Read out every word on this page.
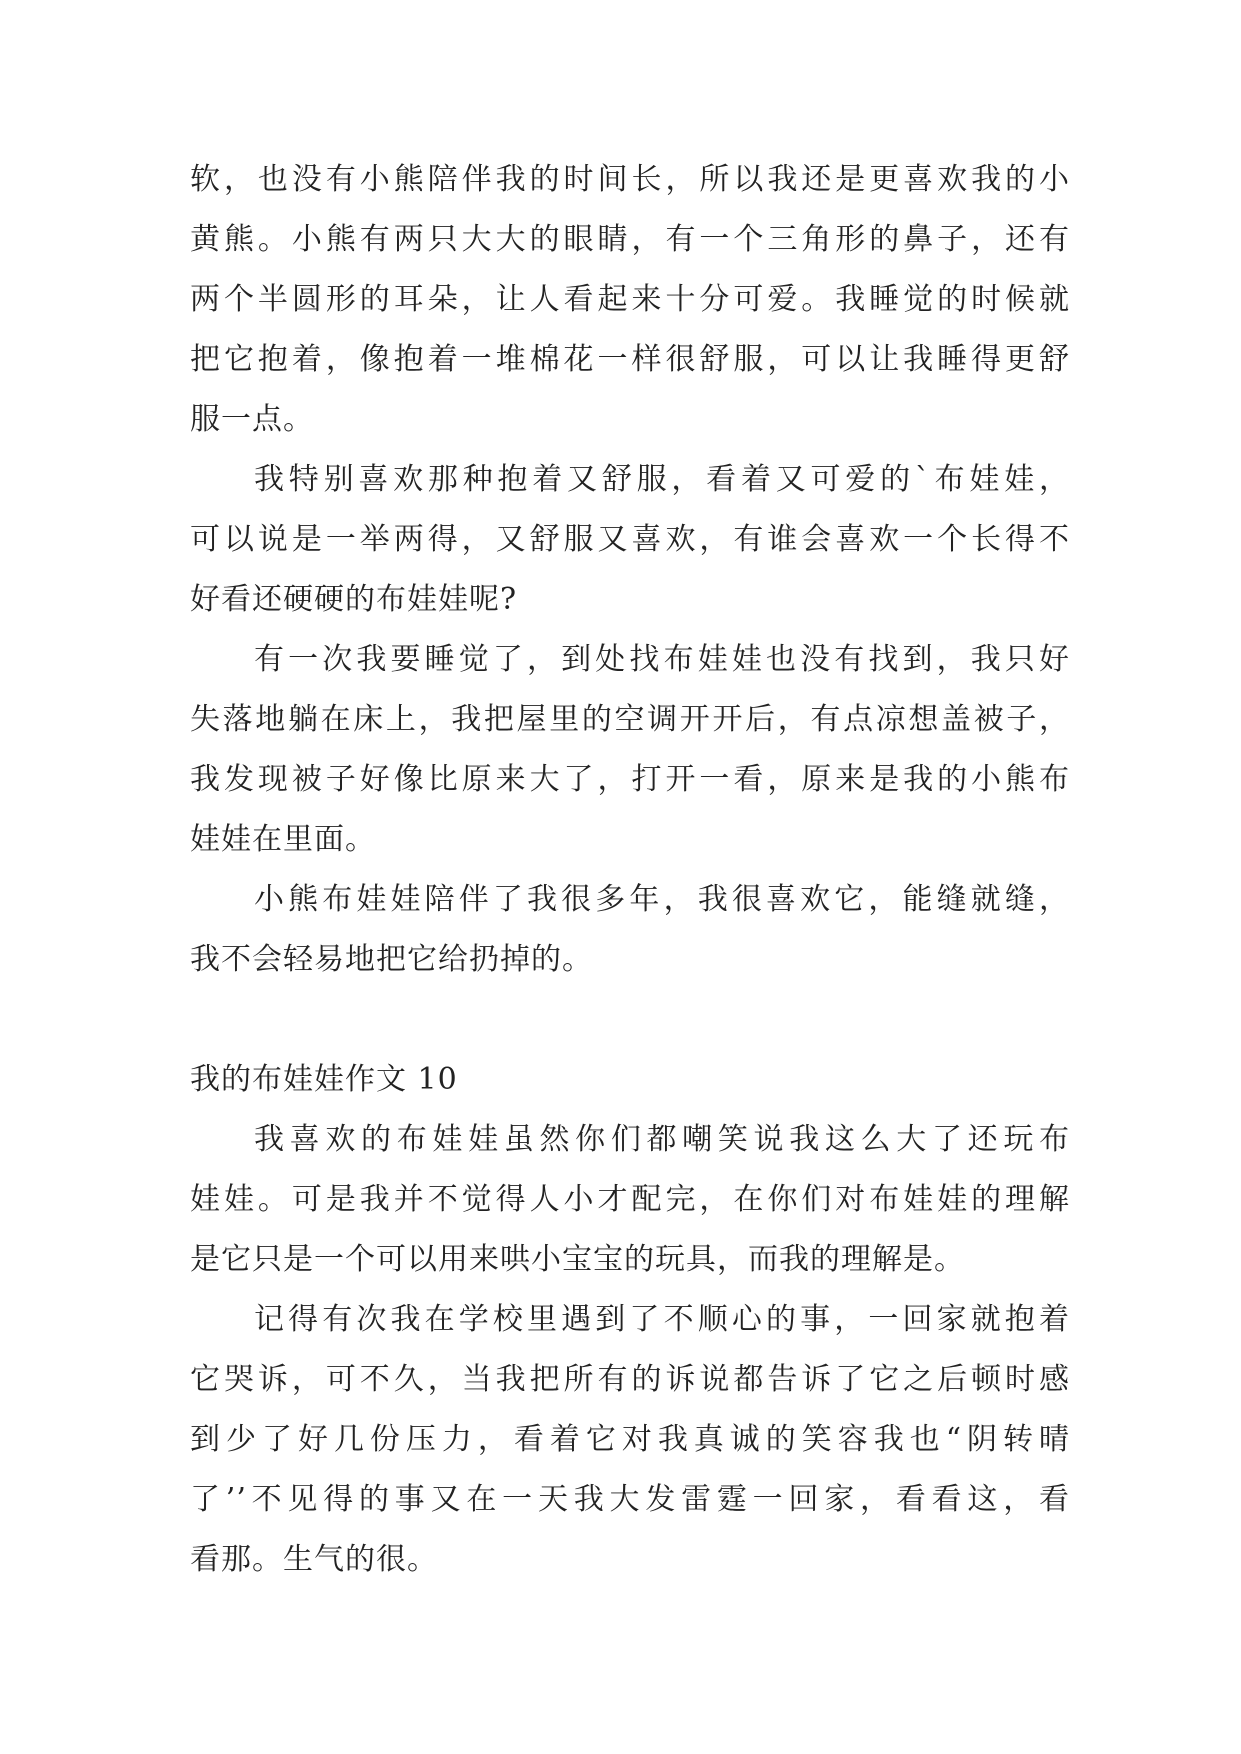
软，也没有小熊陪伴我的时间长，所以我还是更喜欢我的小
黄熊。小熊有两只大大的眼睛，有一个三角形的鼻子，还有
两个半圆形的耳朵，让人看起来十分可爱。我睡觉的时候就
把它抱着，像抱着一堆棉花一样很舒服，可以让我睡得更舒
服一点。
我特别喜欢那种抱着又舒服，看着又可爱的`布娃娃，
可以说是一举两得，又舒服又喜欢，有谁会喜欢一个长得不
好看还硬硬的布娃娃呢?
有一次我要睡觉了，到处找布娃娃也没有找到，我只好
失落地躺在床上，我把屋里的空调开开后，有点凉想盖被子，
我发现被子好像比原来大了，打开一看，原来是我的小熊布
娃娃在里面。
小熊布娃娃陪伴了我很多年，我很喜欢它，能缝就缝，
我不会轻易地把它给扔掉的。
我的布娃娃作文 10
我喜欢的布娃娃虽然你们都嘲笑说我这么大了还玩布
娃娃。可是我并不觉得人小才配完，在你们对布娃娃的理解
是它只是一个可以用来哄小宝宝的玩具，而我的理解是。
记得有次我在学校里遇到了不顺心的事，一回家就抱着
它哭诉，可不久，当我把所有的诉说都告诉了它之后顿时感
到少了好几份压力，看着它对我真诚的笑容我也“阴转晴
了’’不见得的事又在一天我大发雷霆一回家，看看这，看
看那。生气的很。
